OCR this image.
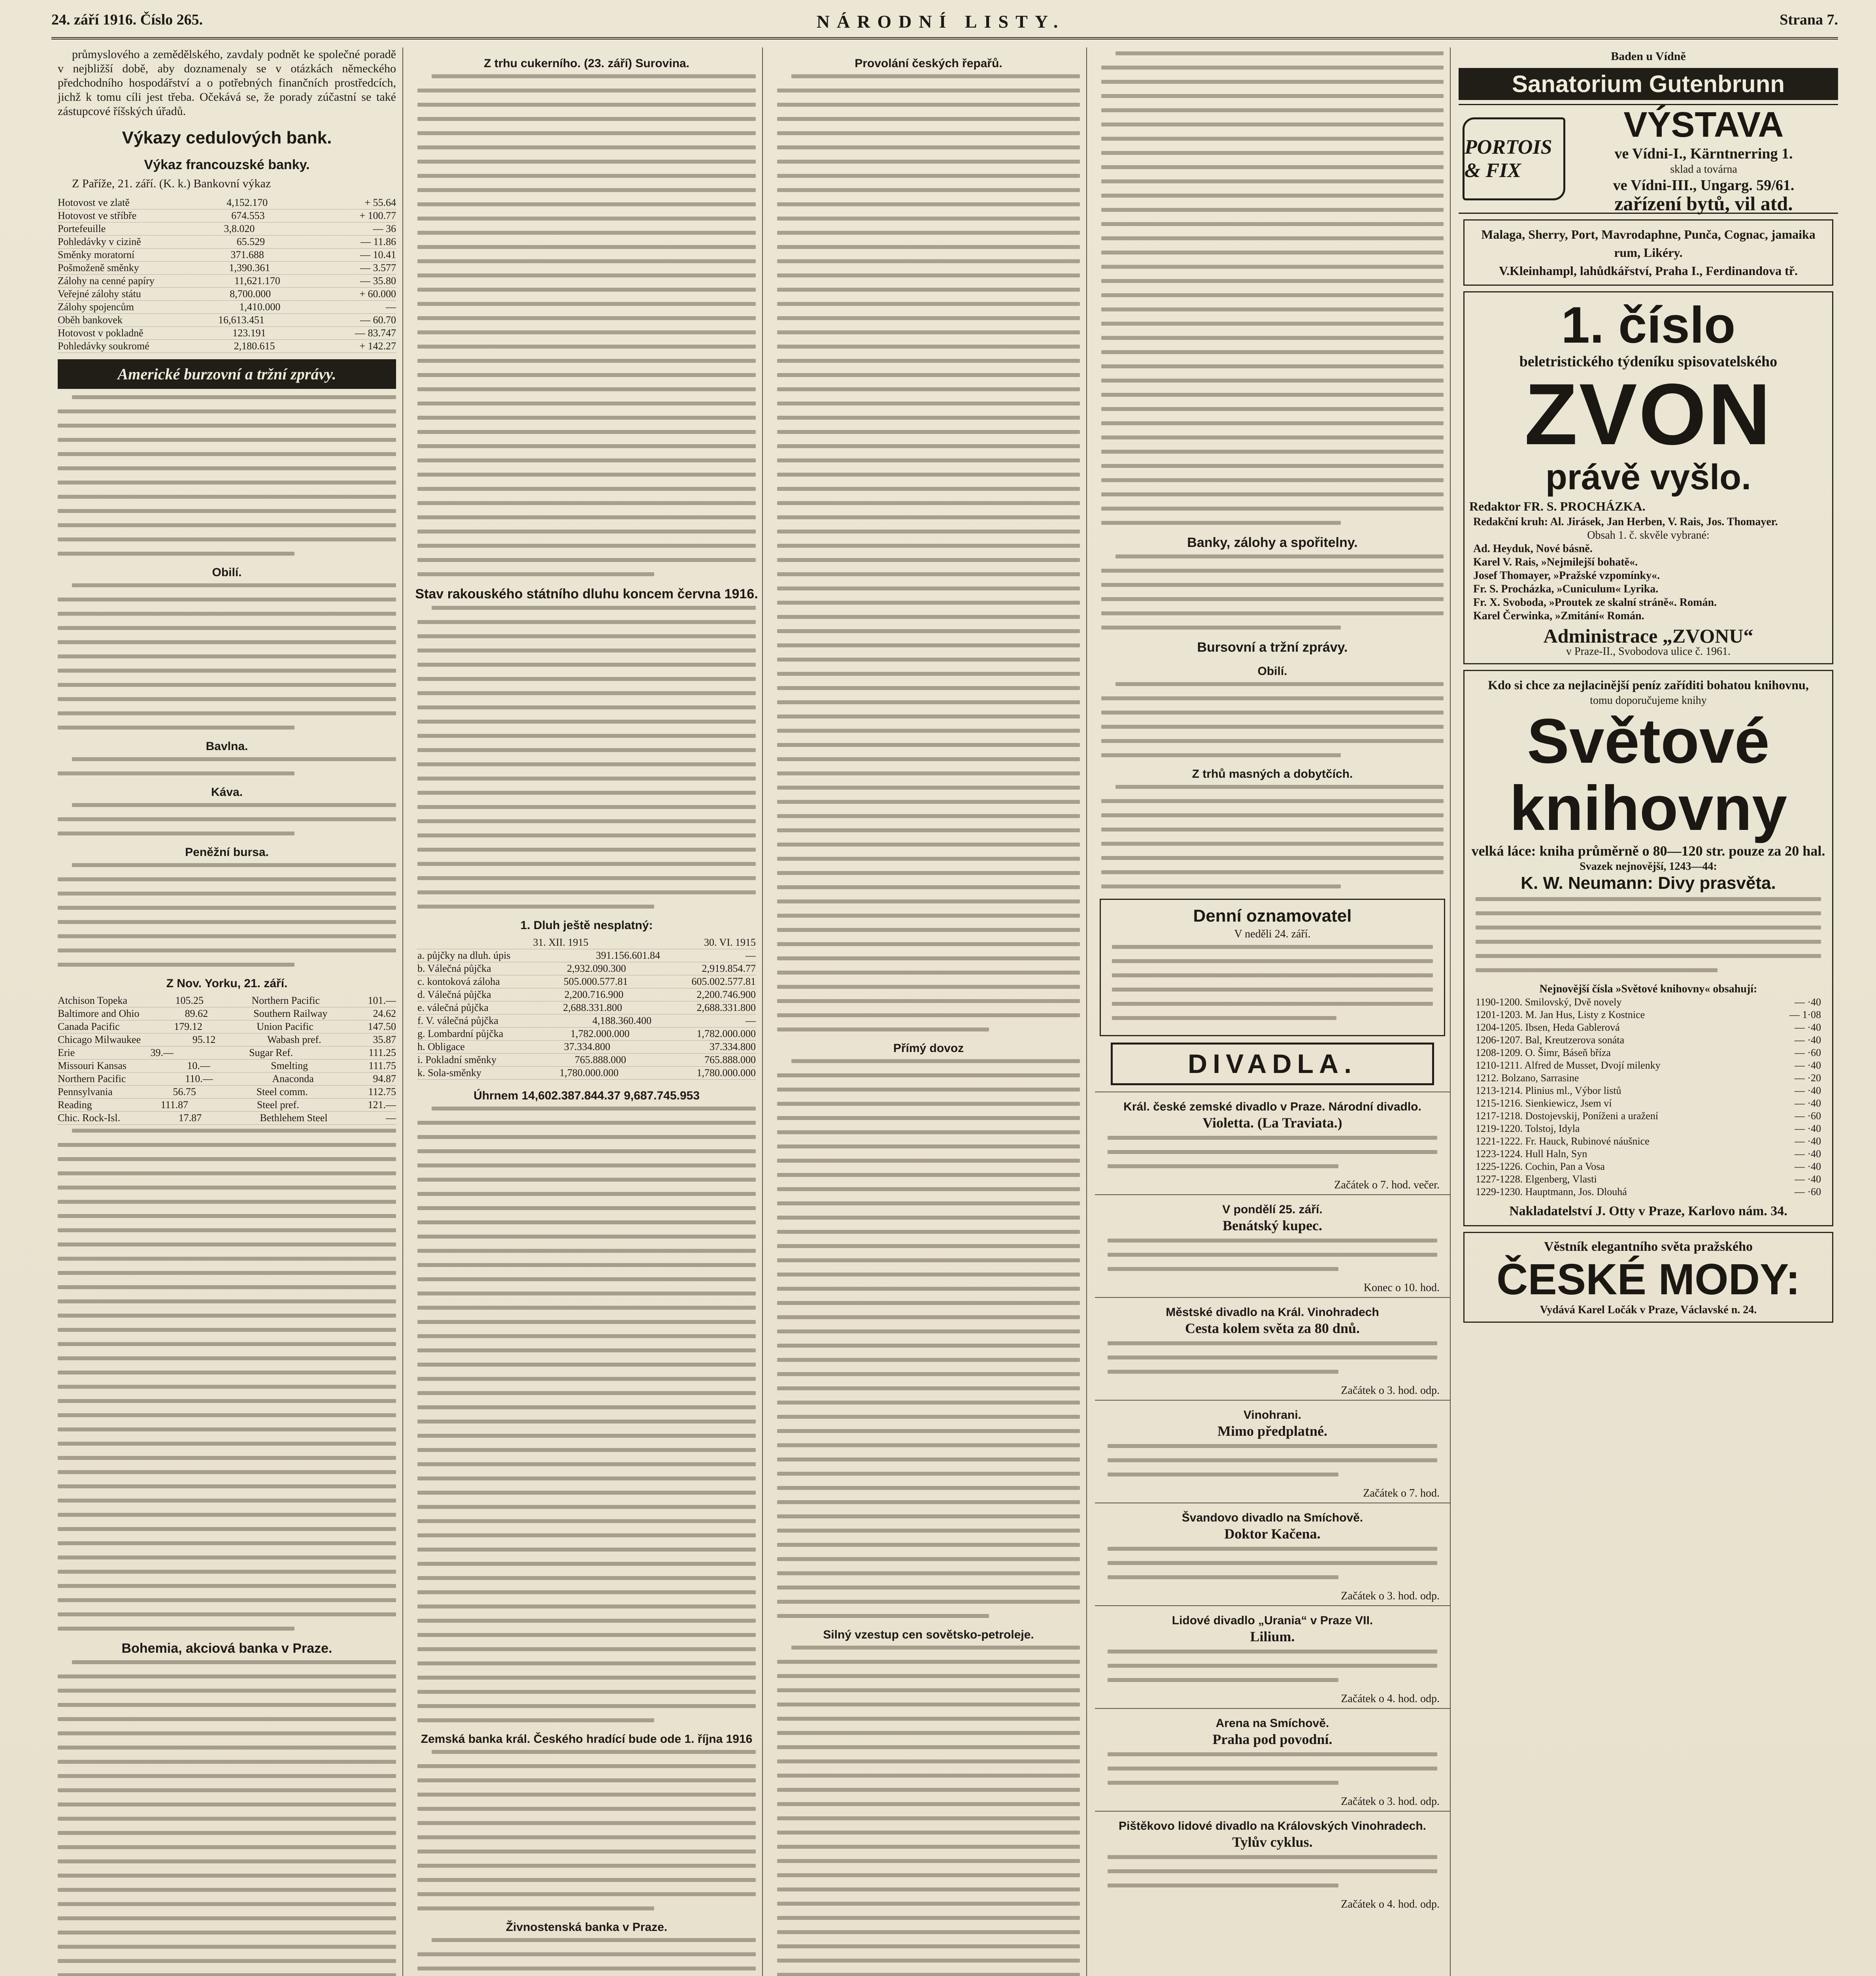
24. září 1916. Číslo 265.	NÁRODNÍ LISTY.	Strana 7.

průmyslového a zemědělského, zavdaly podnět ke společné poradě v nejbližší době, aby doznamenaly se v otázkách německého předchodního hospodářství a o potřebných finančních prostředcích, jichž k tomu cíli jest třeba. Očekává se, že porady zúčastní se také zástupcové říšských úřadů.

Výkazy cedulových bank.
Výkaz francouzské banky.

Z Paříže, 21. září. (K. k.) Bankovní výkaz

Hotovost ve zlatě	4,152.170	+ 55.64
Hotovost ve stříbře	674.553	+ 100.77
Portefeuille	3,8.020	— 36
Pohledávky v cizině	65.529	— 11.86
Směnky moratorní	371.688	— 10.41
Pošmoženě směnky	1,390.361	— 3.577
Zálohy na cenné papíry	11,621.170	— 35.80
Veřejné zálohy státu	8,700.000	+ 60.000
Zálohy spojencům	1,410.000	—
Oběh bankovek	16,613.451	— 60.70
Hotovost v pokladně	123.191	— 83.747
Pohledávky soukromé	2,180.615	+ 142.27
Americké burzovní a tržní zprávy.
Obilí.
Bavlna.
Káva.
Peněžní bursa.
Z Nov. Yorku, 21. září.
Atchison Topeka	105.25	Northern Pacific	101.—
Baltimore and Ohio	89.62	Southern Railway	24.62
Canada Pacific	179.12	Union Pacific	147.50
Chicago Milwaukee	95.12	Wabash pref.	35.87
Erie	39.—	Sugar Ref.	111.25
Missouri Kansas	10.—	Smelting	111.75
Northern Pacific	110.—	Anaconda	94.87
Pennsylvania	56.75	Steel comm.	112.75
Reading	111.87	Steel pref.	121.—
Chic. Rock-Isl.	17.87	Bethlehem Steel	—
Bohemia, akciová banka v Praze.
Z trhu cukerního. (23. září) Surovina.
Stav rakouského státního dluhu koncem června 1916.
1. Dluh ještě nesplatný:
31. XII. 1915	30. VI. 1915
a. půjčky na dluh. úpis	391.156.601.84	—
b. Válečná půjčka	2,932.090.300	2,919.854.77
c. kontoková záloha	505.000.577.81	605.002.577.81
d. Válečná půjčka	2,200.716.900	2,200.746.900
e. válečná půjčka	2,688.331.800	2,688.331.800
f. V. válečná půjčka	4,188.360.400	—
g. Lombardní půjčka	1,782.000.000	1,782.000.000
h. Obligace	37.334.800	37.334.800
i. Pokladní směnky	765.888.000	765.888.000
k. Sola-směnky	1,780.000.000	1,780.000.000
Úhrnem 14,602.387.844.37 9,687.745.953
Zemská banka král. Českého hradící bude ode 1. října 1916
Živnostenská banka v Praze.
Provolání českých řepařů.
Přímý dovoz
Silný vzestup cen sovětsko-petroleje.
Banky, zálohy a spořitelny.
Bursovní a tržní zprávy.
Obilí.
Z trhů masných a dobytčích.
Denní oznamovatel
V neděli 24. září.
DIVADLA.
Král. české zemské divadlo v Praze. Národní divadlo.
Violetta. (La Traviata.)
Začátek o 7. hod. večer.
V pondělí 25. září.
Benátský kupec.
Konec o 10. hod.
Městské divadlo na Král. Vinohradech
Cesta kolem světa za 80 dnů.
Začátek o 3. hod. odp.
Vinohrani.
Mimo předplatné.
Začátek o 7. hod.
Švandovo divadlo na Smíchově.
Doktor Kačena.
Začátek o 3. hod. odp.
Lidové divadlo „Urania“ v Praze VII.
Lilium.
Začátek o 4. hod. odp.
Arena na Smíchově.
Praha pod povodní.
Začátek o 3. hod. odp.
Pištěkovo lidové divadlo na Královských Vinohradech.
Tylův cyklus.
Začátek o 4. hod. odp.
Baden u Vídně
Sanatorium Gutenbrunn
PORTOIS & FIX
VÝSTAVA
ve Vídni-I., Kärntnerring 1.
sklad a továrna
ve Vídni-III., Ungarg. 59/61.
zařízení bytů, vil atd.
Malaga, Sherry, Port, Mavrodaphne, Punča, Cognac, jamaika rum, Likéry.
V.Kleinhampl, lahůdkářství, Praha I., Ferdinandova tř.
1. číslo
beletristického týdeníku spisovatelského
ZVON
právě vyšlo.
Redaktor FR. S. PROCHÁZKA.
Redakční kruh: Al. Jirásek, Jan Herben, V. Rais, Jos. Thomayer.
Obsah 1. č. skvěle vybrané:
Ad. Heyduk, Nové básně.
Karel V. Rais, »Nejmilejší bohatě«.
Josef Thomayer, »Pražské vzpomínky«.
Fr. S. Procházka, »Cuniculum« Lyrika.
Fr. X. Svoboda, »Proutek ze skalní stráně«. Román.
Karel Čerwinka, »Zmitání« Román.
Administrace „ZVONU“
v Praze-II., Svobodova ulice č. 1961.
Kdo si chce za nejlacinější peníz zaříditi bohatou knihovnu,
tomu doporučujeme knihy
Světové knihovny
velká láce: kniha průměrně o 80—120 str. pouze za 20 hal.
Svazek nejnovější, 1243—44:
K. W. Neumann: Divy prasvěta.
Nejnovější čísla »Světové knihovny« obsahují:
1190-1200. Smilovský, Dvě novely	— ·40
1201-1203. M. Jan Hus, Listy z Kostnice	— 1·08
1204-1205. Ibsen, Heda Gablerová	— ·40
1206-1207. Bal, Kreutzerova sonáta	— ·40
1208-1209. O. Šimr, Báseň bříza	— ·60
1210-1211. Alfred de Musset, Dvojí milenky	— ·40
1212. Bolzano, Sarrasine	— ·20
1213-1214. Plinius ml., Výbor listů	— ·40
1215-1216. Sienkiewicz, Jsem ví	— ·40
1217-1218. Dostojevskij, Poníženi a uražení	— ·60
1219-1220. Tolstoj, Idyla	— ·40
1221-1222. Fr. Hauck, Rubinové náušnice	— ·40
1223-1224. Hull Haln, Syn	— ·40
1225-1226. Cochin, Pan a Vosa	— ·40
1227-1228. Elgenberg, Vlasti	— ·40
1229-1230. Hauptmann, Jos. Dlouhá	— ·60
Nakladatelství J. Otty v Praze, Karlovo nám. 34.
Věstník elegantního světa pražského
ČESKÉ MODY:
Vydává Karel Ločák v Praze, Václavské n. 24.
